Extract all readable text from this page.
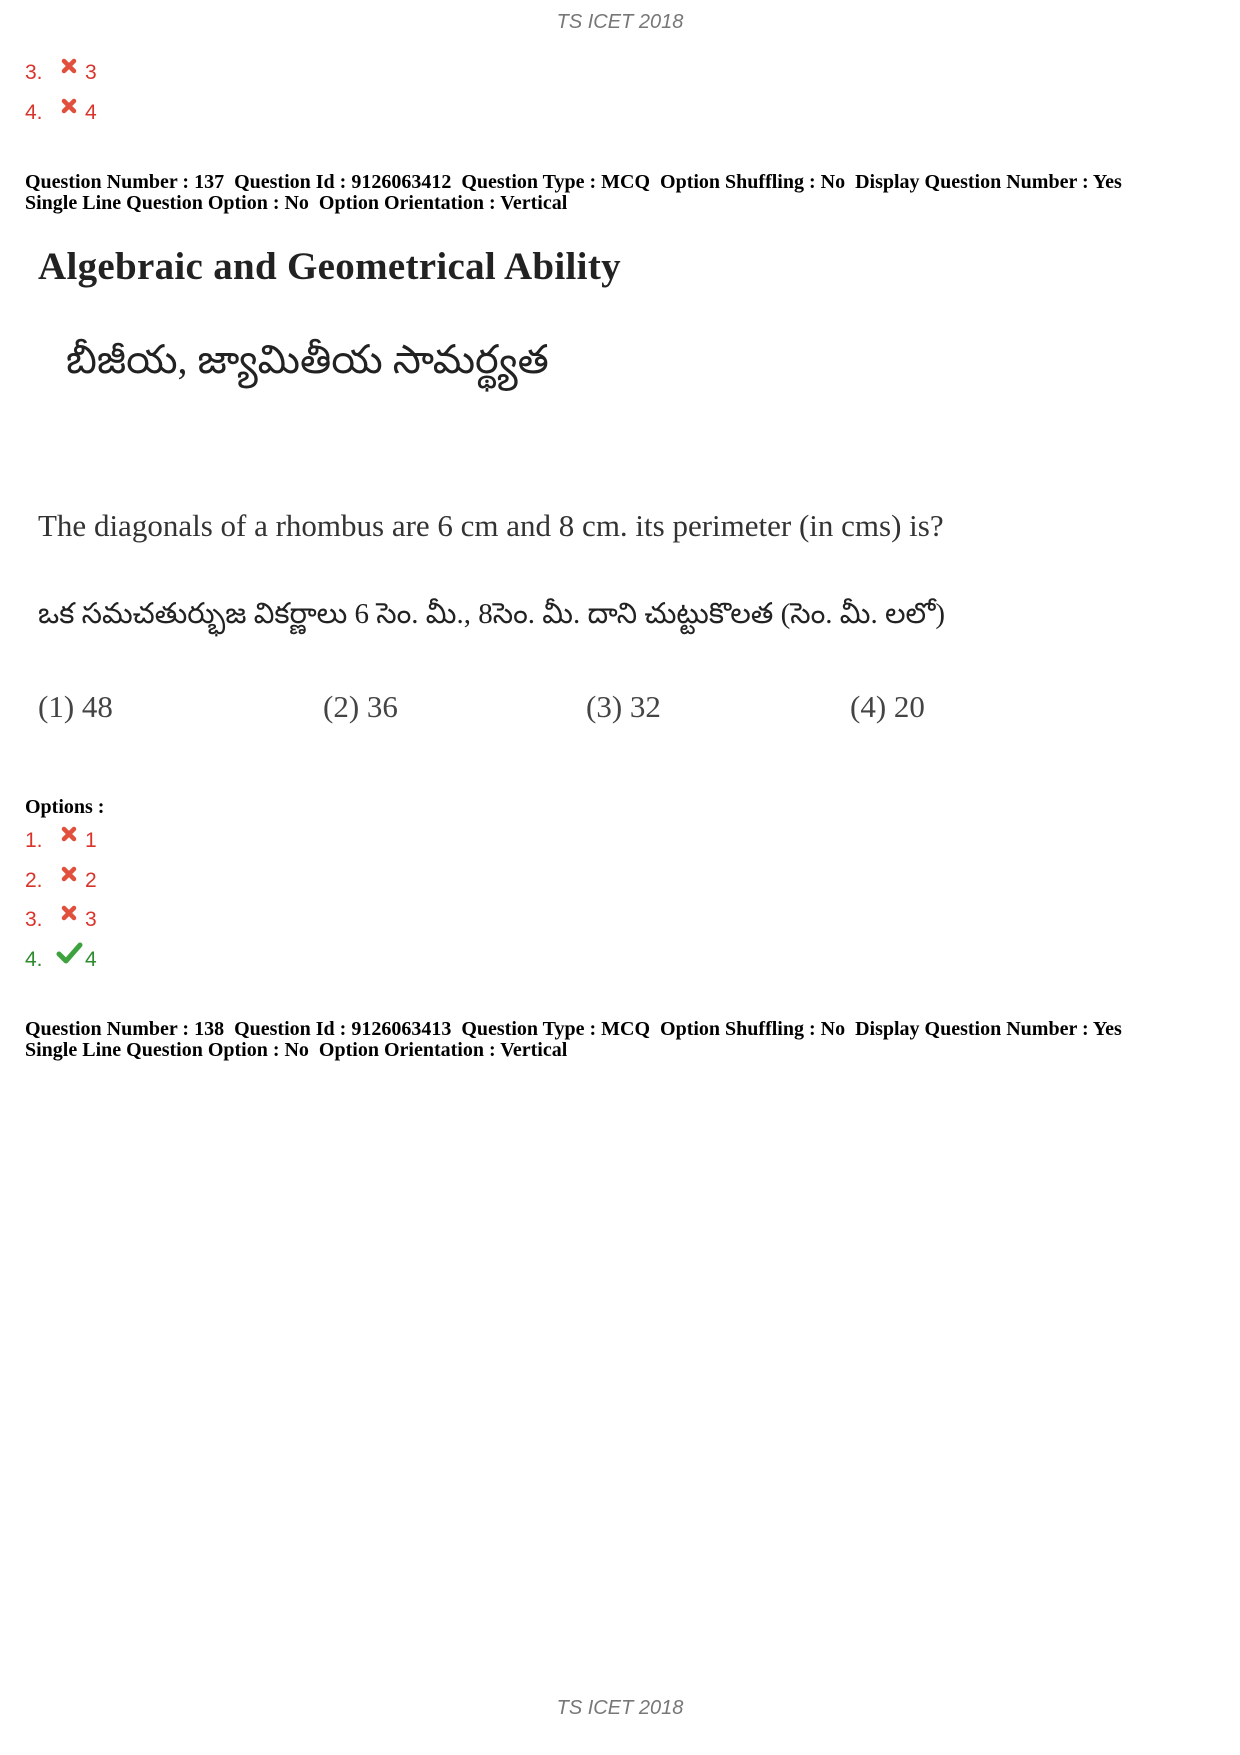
TS ICET 2018
3.	3
4.	4
Question Number : 137  Question Id : 9126063412  Question Type : MCQ  Option Shuffling : No  Display Question Number : Yes
Single Line Question Option : No  Option Orientation : Vertical
Algebraic and Geometrical Ability
బీజీయ, జ్యామితీయ సామర్థ్యత
The diagonals of a rhombus are 6 cm and 8 cm. its perimeter (in cms) is?
ఒక సమచతుర్భుజ వికర్ణాలు 6 సెం. మీ., 8సెం. మీ. దాని చుట్టుకొలత (సెం. మీ. లలో)
(1) 48	(2) 36	(3) 32	(4) 20
Options :
1.	1
2.	2
3.	3
4.	4
Question Number : 138  Question Id : 9126063413  Question Type : MCQ  Option Shuffling : No  Display Question Number : Yes
Single Line Question Option : No  Option Orientation : Vertical
TS ICET 2018
